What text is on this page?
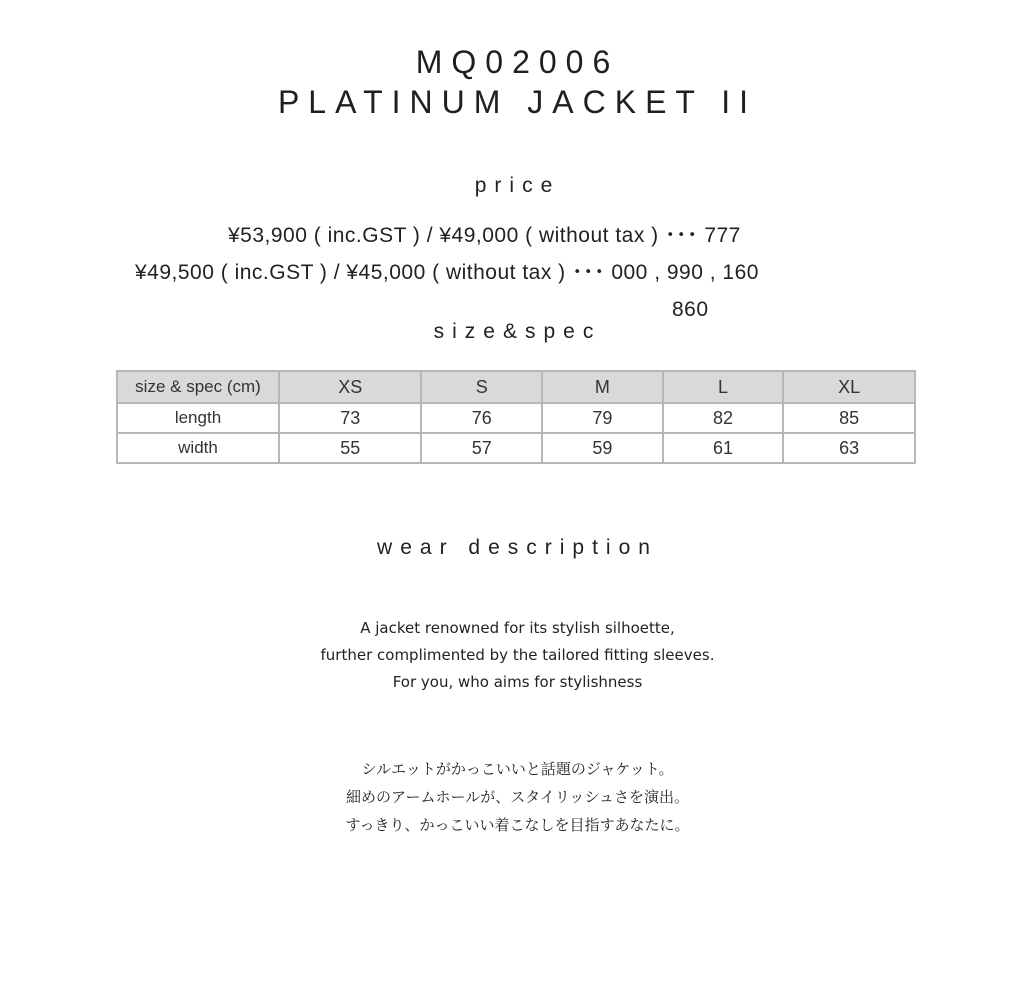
MQ02006
PLATINUM JACKET II
price
¥53,900 ( inc.GST ) / ¥49,000 ( without tax ) ･･･ 777
¥49,500 ( inc.GST ) / ¥45,000 ( without tax ) ･･･ 000 , 990 , 160
860
size&spec
size & spec (cm)	XS	S	M	L	XL
length	73	76	79	82	85
width	55	57	59	61	63
wear description
A jacket renowned for its stylish silhoette,
further complimented by the tailored fitting sleeves.
For you, who aims for stylishness
シルエットがかっこいいと話題のジャケット。
細めのアームホールが、スタイリッシュさを演出。
すっきり、かっこいい着こなしを目指すあなたに。
